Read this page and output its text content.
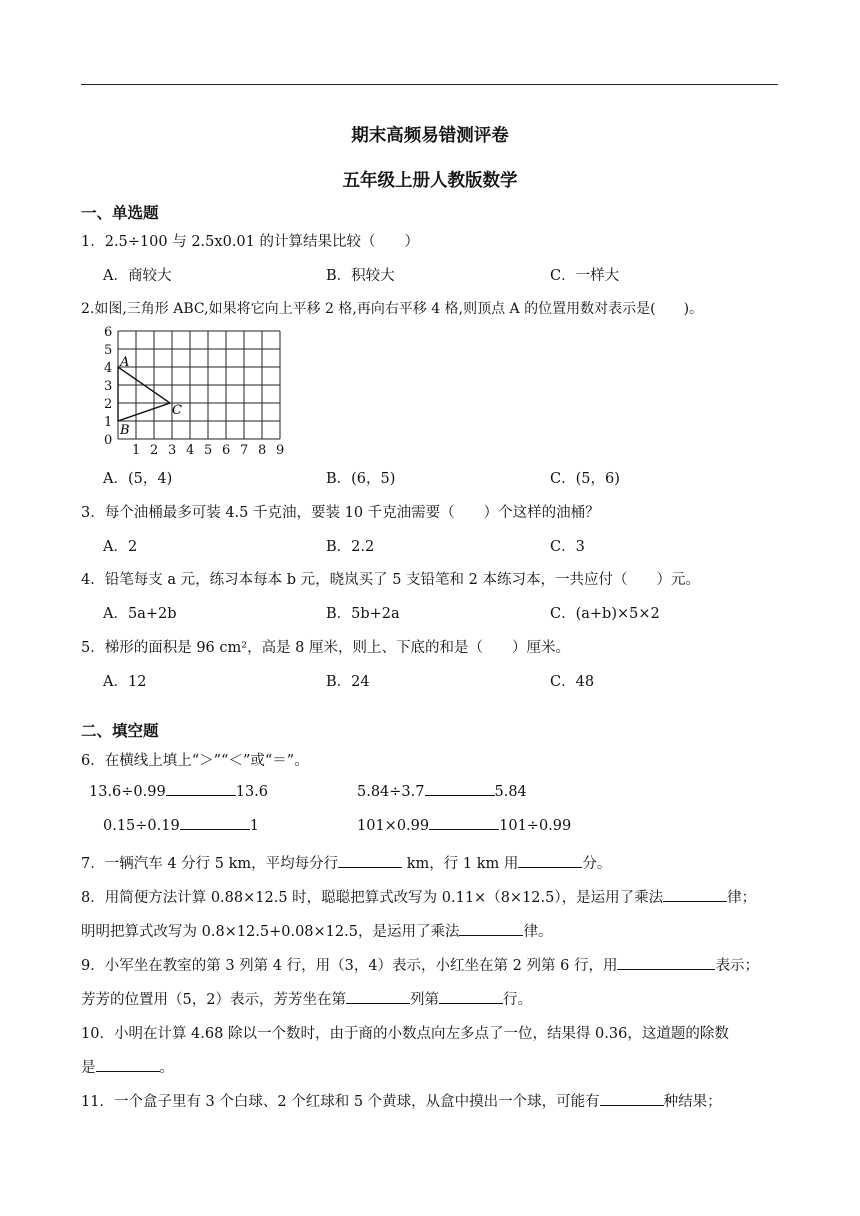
期末高频易错测评卷
五年级上册人教版数学
一、单选题
1．2.5÷100 与 2.5x0.01 的计算结果比较（　　）
A．商较大	B．积较大	C．一样大
2.如图,三角形 ABC,如果将它向上平移 2 格,再向右平移 4 格,则顶点 A 的位置用数对表示是(　　)。
0
1
2
3
4
5
6
1 2 3 4 5 6 7 8 9
A
B
C
A．(5，4)	B．(6，5)	C．(5，6)
3．每个油桶最多可装 4.5 千克油，要装 10 千克油需要（　　）个这样的油桶？
A．2	B．2.2	C．3
4．铅笔每支 a 元，练习本每本 b 元，晓岚买了 5 支铅笔和 2 本练习本，一共应付（　　）元。
A．5a+2b	B．5b+2a	C．(a+b)×5×2
5．梯形的面积是 96 cm²，高是 8 厘米，则上、下底的和是（　　）厘米。
A．12	B．24	C．48
二、填空题
6．在横线上填上“＞”“＜”或“＝”。
13.6÷0.99	13.6	5.84÷3.7	5.84
0.15÷0.19	1	101×0.99	101÷0.99
7．一辆汽车 4 分行 5 km，平均每分行	km，行 1 km 用	分。
8．用简便方法计算 0.88×12.5 时，聪聪把算式改写为 0.11×（8×12.5），是运用了乘法	律；
明明把算式改写为 0.8×12.5+0.08×12.5，是运用了乘法	律。
9．小军坐在教室的第 3 列第 4 行，用（3，4）表示，小红坐在第 2 列第 6 行，用	表示；
芳芳的位置用（5，2）表示，芳芳坐在第	列第	行。
10．小明在计算 4.68 除以一个数时，由于商的小数点向左多点了一位，结果得 0.36，这道题的除数
是	。
11．一个盒子里有 3 个白球、2 个红球和 5 个黄球，从盒中摸出一个球，可能有	种结果；
